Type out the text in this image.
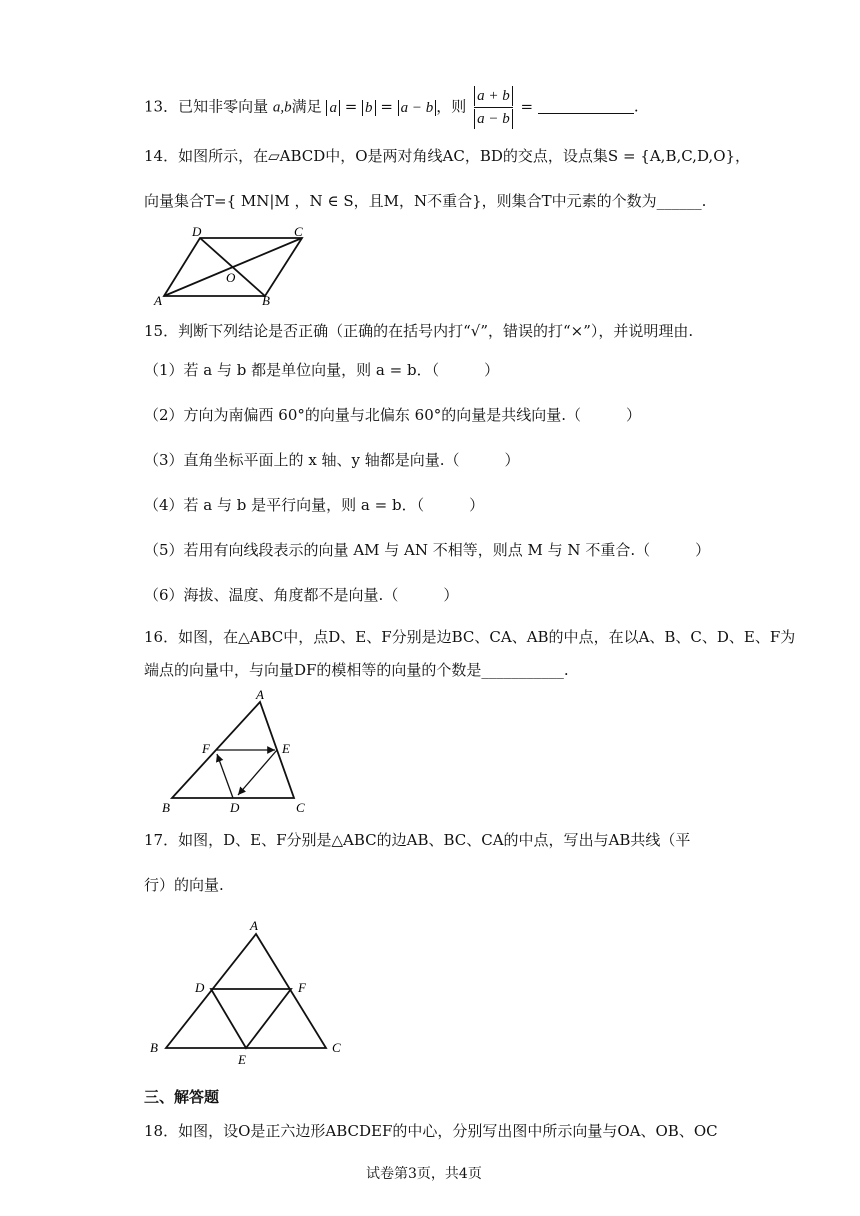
13．已知非零向量 a,b满足 a = b = a − b ，则 $\frac{a + b}{a - b}$ =	.
14．如图所示，在▱ABCD中，O是两对角线AC，BD的交点，设点集S = {A,B,C,D,O}，
向量集合T={ MN|M ，N ∈ S，且M，N不重合}，则集合T中元素的个数为______.
D	C
O
A	B
15．判断下列结论是否正确（正确的在括号内打“√”，错误的打“×”），并说明理由.
（1）若 a 与 b 都是单位向量，则 a = b．（　　　）
（2）方向为南偏西 60°的向量与北偏东 60°的向量是共线向量.（　　　）
（3）直角坐标平面上的 x 轴、y 轴都是向量.（　　　）
（4）若 a 与 b 是平行向量，则 a = b．（　　　）
（5）若用有向线段表示的向量 AM 与 AN 不相等，则点 M 与 N 不重合.（　　　）
（6）海拔、温度、角度都不是向量.（　　　）
16．如图，在△ABC中，点D、E、F分别是边BC、CA、AB的中点，在以A、B、C、D、E、F为
端点的向量中，与向量DF的模相等的向量的个数是___________.
A
F	E
B	D	C
17．如图，D、E、F分别是△ABC的边AB、BC、CA的中点，写出与AB共线（平
行）的向量.
A
D	F
B
E
C
三、解答题
18．如图，设O是正六边形ABCDEF的中心，分别写出图中所示向量与OA、OB、OC
试卷第3页，共4页
